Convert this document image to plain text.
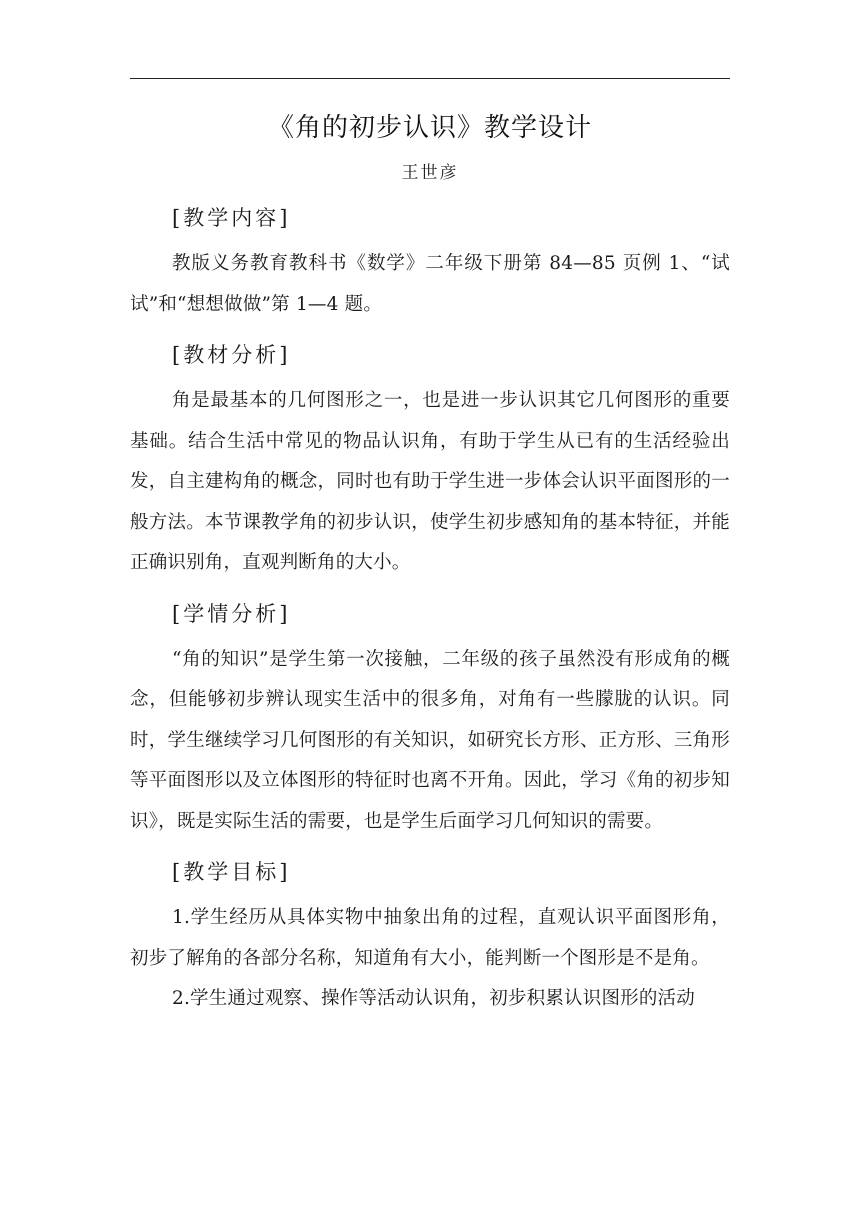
《角的初步认识》教学设计
王世彦
[教学内容]

教版义务教育教科书《数学》二年级下册第 84—85 页例 1、“试试”和“想想做做”第 1—4 题。

[教材分析]

角是最基本的几何图形之一，也是进一步认识其它几何图形的重要基础。结合生活中常见的物品认识角，有助于学生从已有的生活经验出发，自主建构角的概念，同时也有助于学生进一步体会认识平面图形的一般方法。本节课教学角的初步认识，使学生初步感知角的基本特征，并能正确识别角，直观判断角的大小。

[学情分析]

“角的知识”是学生第一次接触，二年级的孩子虽然没有形成角的概念，但能够初步辨认现实生活中的很多角，对角有一些朦胧的认识。同时，学生继续学习几何图形的有关知识，如研究长方形、正方形、三角形等平面图形以及立体图形的特征时也离不开角。因此，学习《角的初步知识》，既是实际生活的需要，也是学生后面学习几何知识的需要。

[教学目标]

1.学生经历从具体实物中抽象出角的过程，直观认识平面图形角，初步了解角的各部分名称，知道角有大小，能判断一个图形是不是角。

2.学生通过观察、操作等活动认识角，初步积累认识图形的活动
